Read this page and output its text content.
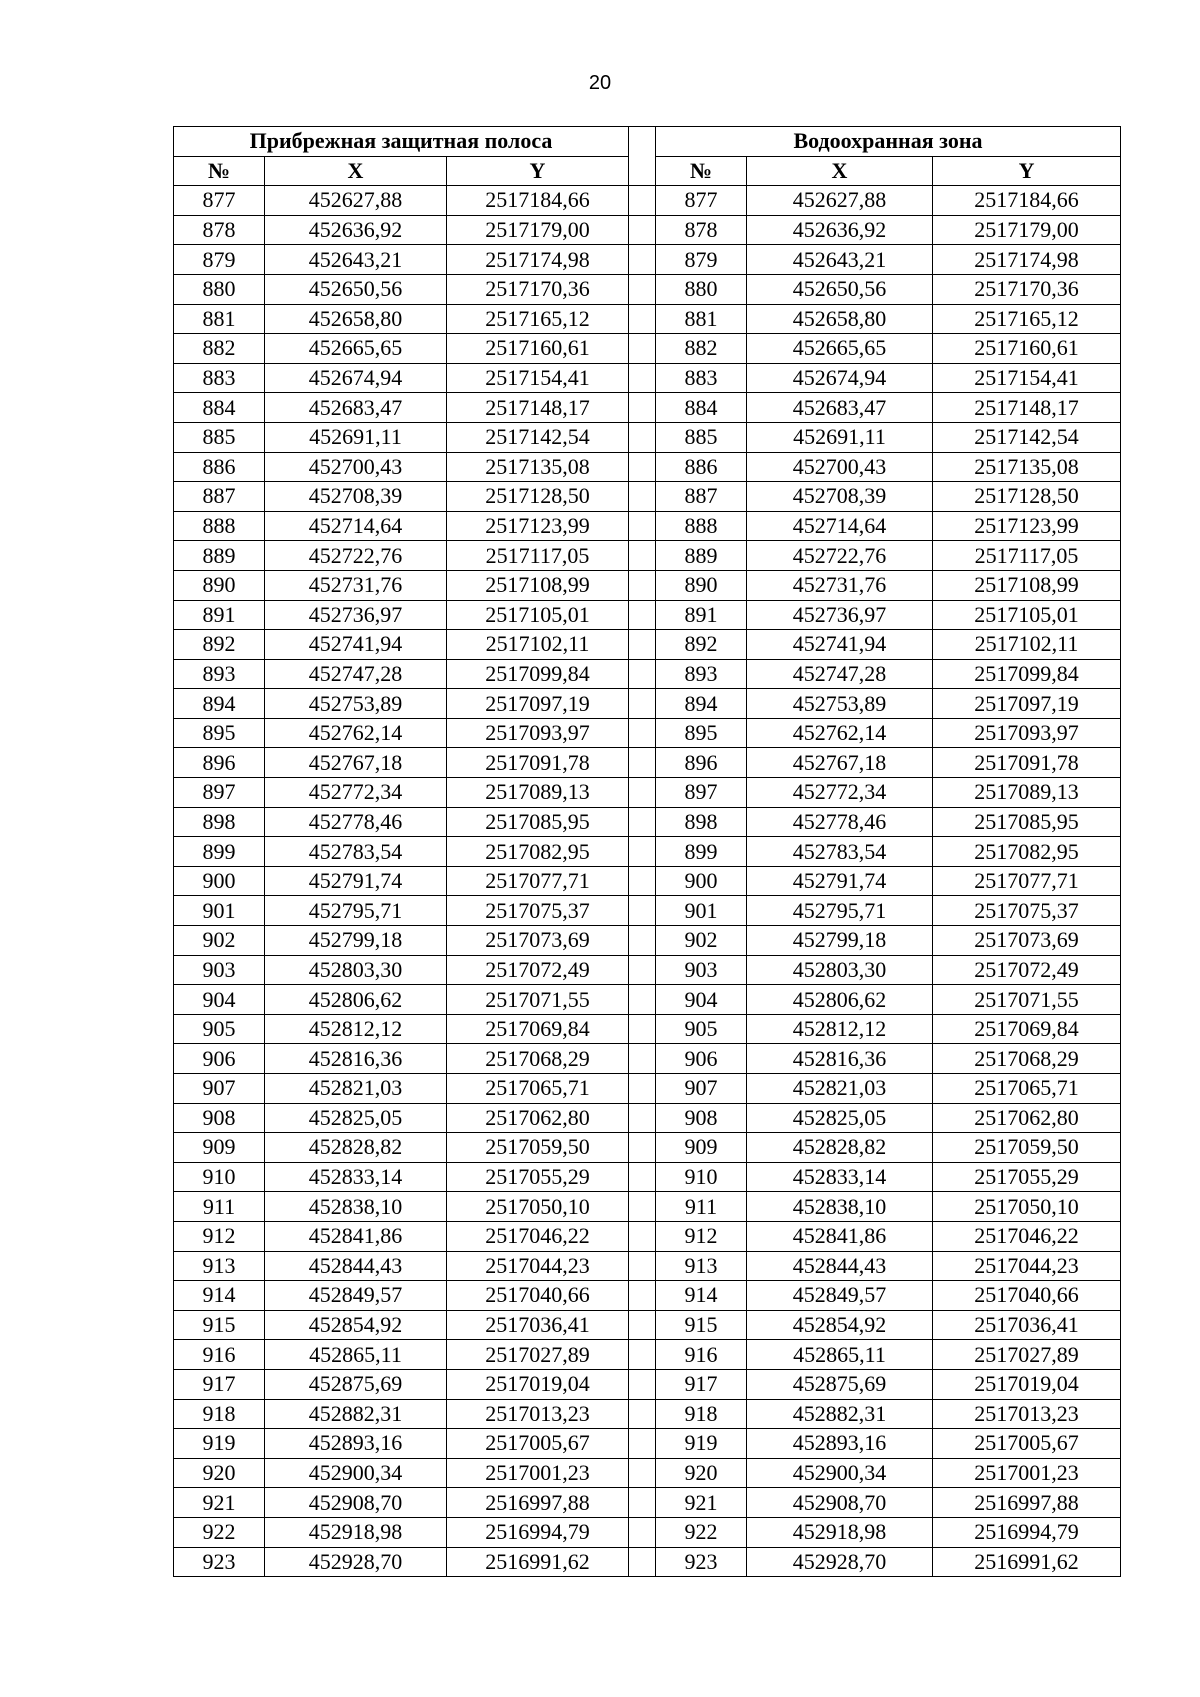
20
Прибрежная защитная полоса				Водоохранная зона		
№	X	Y		№	X	Y
877	452627,88	2517184,66		877	452627,88	2517184,66
878	452636,92	2517179,00		878	452636,92	2517179,00
879	452643,21	2517174,98		879	452643,21	2517174,98
880	452650,56	2517170,36		880	452650,56	2517170,36
881	452658,80	2517165,12		881	452658,80	2517165,12
882	452665,65	2517160,61		882	452665,65	2517160,61
883	452674,94	2517154,41		883	452674,94	2517154,41
884	452683,47	2517148,17		884	452683,47	2517148,17
885	452691,11	2517142,54		885	452691,11	2517142,54
886	452700,43	2517135,08		886	452700,43	2517135,08
887	452708,39	2517128,50		887	452708,39	2517128,50
888	452714,64	2517123,99		888	452714,64	2517123,99
889	452722,76	2517117,05		889	452722,76	2517117,05
890	452731,76	2517108,99		890	452731,76	2517108,99
891	452736,97	2517105,01		891	452736,97	2517105,01
892	452741,94	2517102,11		892	452741,94	2517102,11
893	452747,28	2517099,84		893	452747,28	2517099,84
894	452753,89	2517097,19		894	452753,89	2517097,19
895	452762,14	2517093,97		895	452762,14	2517093,97
896	452767,18	2517091,78		896	452767,18	2517091,78
897	452772,34	2517089,13		897	452772,34	2517089,13
898	452778,46	2517085,95		898	452778,46	2517085,95
899	452783,54	2517082,95		899	452783,54	2517082,95
900	452791,74	2517077,71		900	452791,74	2517077,71
901	452795,71	2517075,37		901	452795,71	2517075,37
902	452799,18	2517073,69		902	452799,18	2517073,69
903	452803,30	2517072,49		903	452803,30	2517072,49
904	452806,62	2517071,55		904	452806,62	2517071,55
905	452812,12	2517069,84		905	452812,12	2517069,84
906	452816,36	2517068,29		906	452816,36	2517068,29
907	452821,03	2517065,71		907	452821,03	2517065,71
908	452825,05	2517062,80		908	452825,05	2517062,80
909	452828,82	2517059,50		909	452828,82	2517059,50
910	452833,14	2517055,29		910	452833,14	2517055,29
911	452838,10	2517050,10		911	452838,10	2517050,10
912	452841,86	2517046,22		912	452841,86	2517046,22
913	452844,43	2517044,23		913	452844,43	2517044,23
914	452849,57	2517040,66		914	452849,57	2517040,66
915	452854,92	2517036,41		915	452854,92	2517036,41
916	452865,11	2517027,89		916	452865,11	2517027,89
917	452875,69	2517019,04		917	452875,69	2517019,04
918	452882,31	2517013,23		918	452882,31	2517013,23
919	452893,16	2517005,67		919	452893,16	2517005,67
920	452900,34	2517001,23		920	452900,34	2517001,23
921	452908,70	2516997,88		921	452908,70	2516997,88
922	452918,98	2516994,79		922	452918,98	2516994,79
923	452928,70	2516991,62		923	452928,70	2516991,62
